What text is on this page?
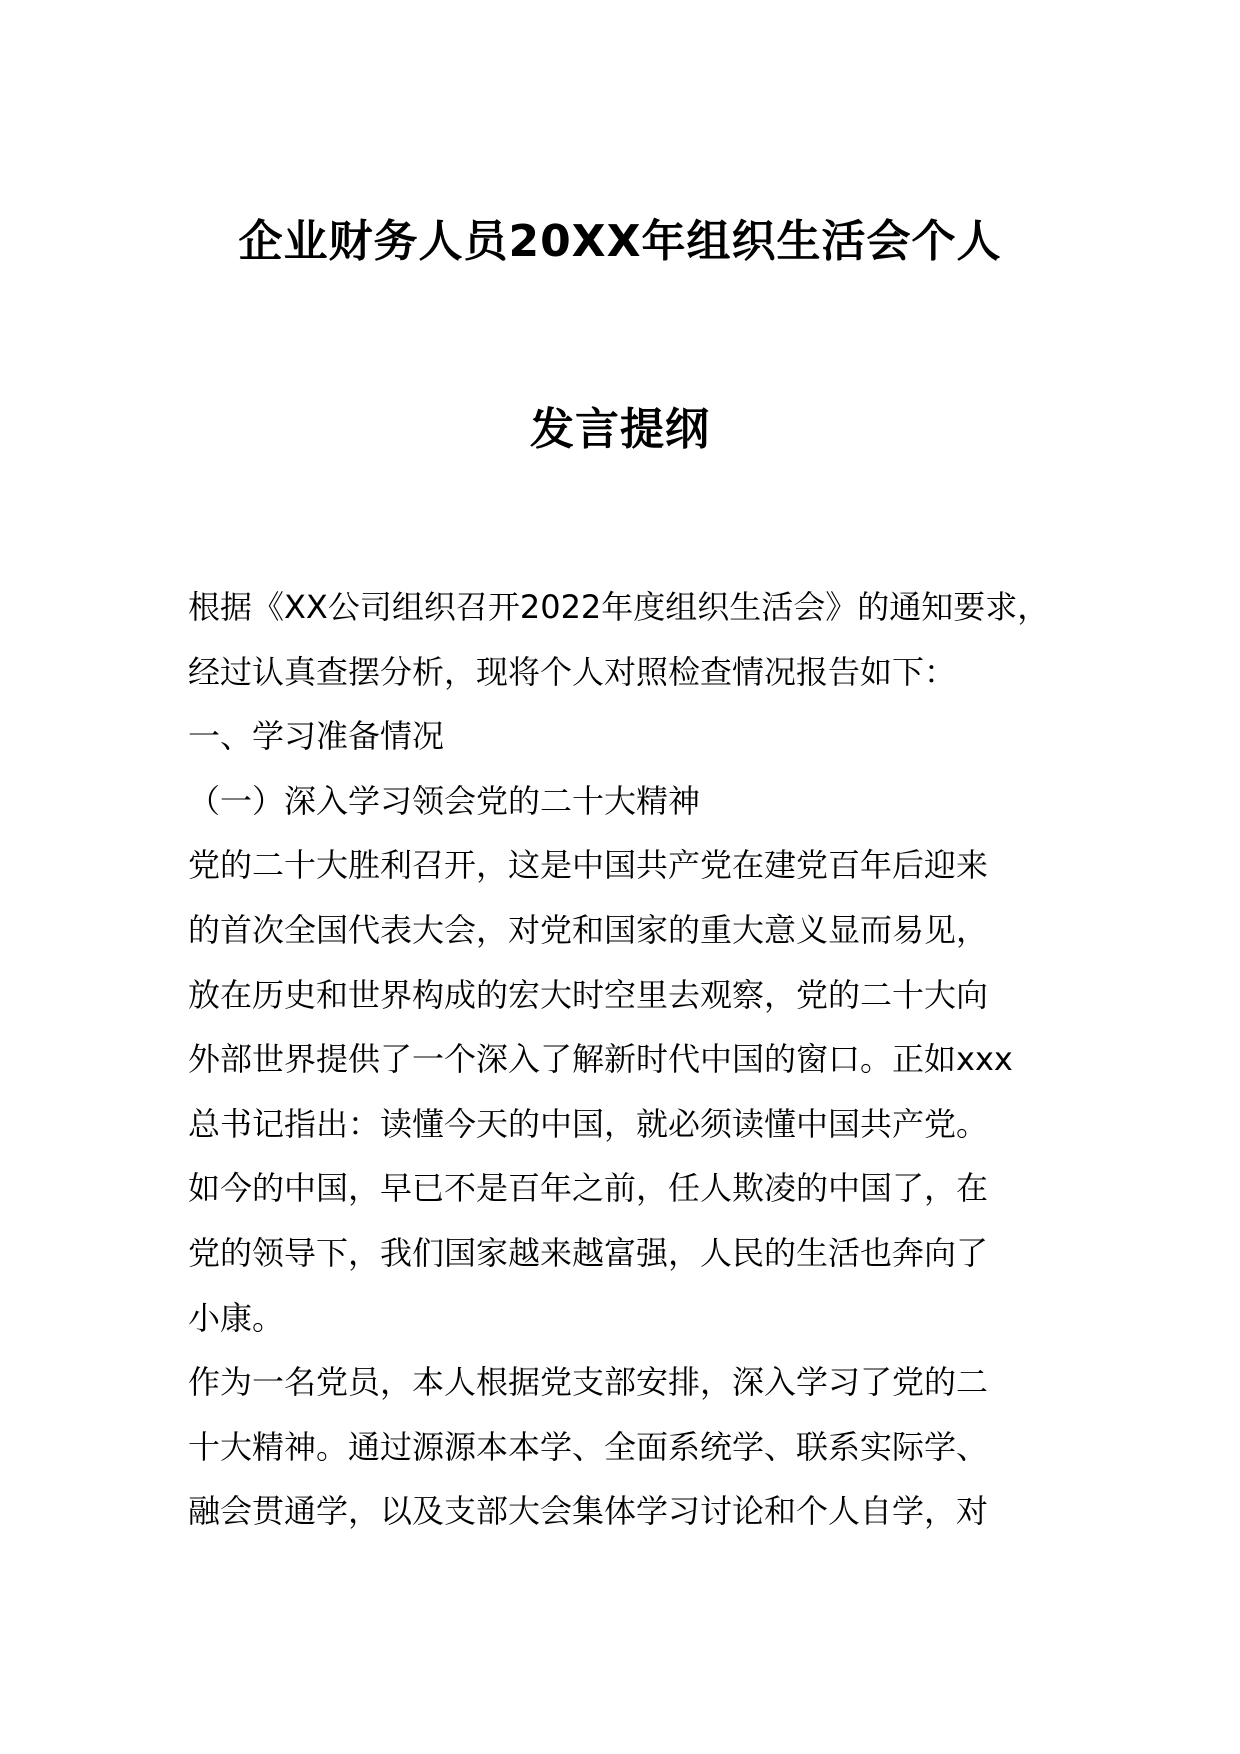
企业财务人员20XX年组织生活会个人
发言提纲
根据《XX公司组织召开2022年度组织生活会》的通知要求，
经过认真查摆分析，现将个人对照检查情况报告如下：
一、学习准备情况
（一）深入学习领会党的二十大精神
党的二十大胜利召开，这是中国共产党在建党百年后迎来
的首次全国代表大会，对党和国家的重大意义显而易见，
放在历史和世界构成的宏大时空里去观察，党的二十大向
外部世界提供了一个深入了解新时代中国的窗口。正如xxx
总书记指出：读懂今天的中国，就必须读懂中国共产党。
如今的中国，早已不是百年之前，任人欺凌的中国了，在
党的领导下，我们国家越来越富强，人民的生活也奔向了
小康。
作为一名党员，本人根据党支部安排，深入学习了党的二
十大精神。通过源源本本学、全面系统学、联系实际学、
融会贯通学，以及支部大会集体学习讨论和个人自学，对
